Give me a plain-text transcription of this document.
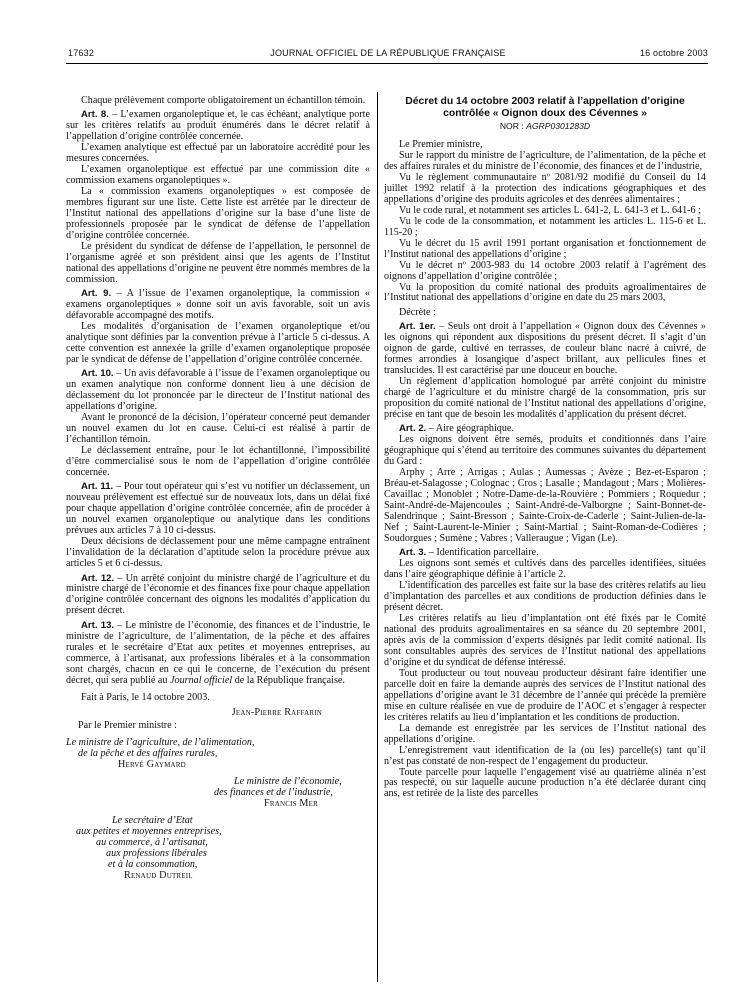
17632	JOURNAL OFFICIEL DE LA RÉPUBLIQUE FRANÇAISE	16 octobre 2003

Chaque prélèvement comporte obligatoirement un échantillon témoin.

Art. 8. – L’examen organoleptique et, le cas échéant, analytique porte sur les critères relatifs au produit énumérés dans le décret relatif à l’appellation d’origine contrôlée concernée.

L’examen analytique est effectué par un laboratoire accrédité pour les mesures concernées.

L’examen organoleptique est effectué par une commission dite « commission examens organoleptiques ».

La « commission examens organoleptiques » est composée de membres figurant sur une liste. Cette liste est arrêtée par le directeur de l’Institut national des appellations d’origine sur la base d’une liste de professionnels proposée par le syndicat de défense de l’appellation d’origine contrôlée concernée.

Le président du syndicat de défense de l’appellation, le personnel de l’organisme agréé et son président ainsi que les agents de l’Institut national des appellations d’origine ne peuvent être nommés membres de la commission.

Art. 9. – A l’issue de l’examen organoleptique, la commission « examens organoleptiques » donne soit un avis favorable, soit un avis défavorable accompagné des motifs.

Les modalités d’organisation de l’examen organoleptique et/ou analytique sont définies par la convention prévue à l’article 5 ci-dessus. A cette convention est annexée la grille d’examen organoleptique proposée par le syndicat de défense de l’appellation d’origine contrôlée concernée.

Art. 10. – Un avis défavorable à l’issue de l’examen organoleptique ou un examen analytique non conforme donnent lieu à une décision de déclassement du lot prononcée par le directeur de l’Institut national des appellations d’origine.

Avant le prononcé de la décision, l’opérateur concerné peut demander un nouvel examen du lot en cause. Celui-ci est réalisé à partir de l’échantillon témoin.

Le déclassement entraîne, pour le lot échantillonné, l’impossibilité d’être commercialisé sous le nom de l’appellation d’origine contrôlée concernée.

Art. 11. – Pour tout opérateur qui s’est vu notifier un déclassement, un nouveau prélèvement est effectué sur de nouveaux lots, dans un délai fixé pour chaque appellation d’origine contrôlée concernée, afin de procéder à un nouvel examen organoleptique ou analytique dans les conditions prévues aux articles 7 à 10 ci-dessus.

Deux décisions de déclassement pour une même campagne entraînent l’invalidation de la déclaration d’aptitude selon la procédure prévue aux articles 5 et 6 ci-dessus.

Art. 12. – Un arrêté conjoint du ministre chargé de l’agriculture et du ministre chargé de l’économie et des finances fixe pour chaque appellation d’origine contrôlée concernant des oignons les modalités d’application du présent décret.

Art. 13. – Le ministre de l’économie, des finances et de l’industrie, le ministre de l’agriculture, de l’alimentation, de la pêche et des affaires rurales et le secrétaire d’Etat aux petites et moyennes entreprises, au commerce, à l’artisanat, aux professions libérales et à la consommation sont chargés, chacun en ce qui le concerne, de l’exécution du présent décret, qui sera publié au Journal officiel de la République française.

Fait à Paris, le 14 octobre 2003.

Jean-Pierre Raffarin

Par le Premier ministre :

Le ministre de l’agriculture, de l’alimentation,

de la pêche et des affaires rurales,

Hervé Gaymard

Le ministre de l’économie,

des finances et de l’industrie,

Francis Mer

Le secrétaire d’Etat

aux petites et moyennes entreprises,

au commerce, à l’artisanat,

aux professions libérales

et à la consommation,

Renaud Dutreil

Décret du 14 octobre 2003 relatif à l’appellation d’origine contrôlée « Oignon doux des Cévennes »
NOR : AGRP0301283D

Le Premier ministre,

Sur le rapport du ministre de l’agriculture, de l’alimentation, de la pêche et des affaires rurales et du ministre de l’économie, des finances et de l’industrie,

Vu le règlement communautaire nº 2081/92 modifié du Conseil du 14 juillet 1992 relatif à la protection des indications géographiques et des appellations d’origine des produits agricoles et des denrées alimentaires ;

Vu le code rural, et notamment ses articles L. 641-2, L. 641-3 et L. 641-6 ;

Vu le code de la consommation, et notamment les articles L. 115-6 et L. 115-20 ;

Vu le décret du 15 avril 1991 portant organisation et fonctionnement de l’Institut national des appellations d’origine ;

Vu le décret nº 2003-983 du 14 octobre 2003 relatif à l’agrément des oignons d’appellation d’origine contrôlée ;

Vu la proposition du comité national des produits agroalimentaires de l’Institut national des appellations d’origine en date du 25 mars 2003,

Décrète :

Art. 1er. – Seuls ont droit à l’appellation « Oignon doux des Cévennes » les oignons qui répondent aux dispositions du présent décret. Il s’agit d’un oignon de garde, cultivé en terrasses, de couleur blanc nacré à cuivré, de formes arrondies à losangique d’aspect brillant, aux pellicules fines et translucides. Il est caractérisé par une douceur en bouche.

Un règlement d’application homologué par arrêté conjoint du ministre chargé de l’agriculture et du ministre chargé de la consommation, pris sur proposition du comité national de l’Institut national des appellations d’origine, précise en tant que de besoin les modalités d’application du présent décret.

Art. 2. – Aire géographique.

Les oignons doivent être semés, produits et conditionnés dans l’aire géographique qui s’étend au territoire des communes suivantes du département du Gard :

Arphy ; Arre ; Arrigas ; Aulas ; Aumessas ; Avèze ; Bez-et-Esparon ; Bréau-et-Salagosse ; Colognac ; Cros ; Lasalle ; Mandagout ; Mars ; Molières-Cavaillac ; Monoblet ; Notre-Dame-de-la-Rouvière ; Pommiers ; Roquedur ; Saint-André-de-Majencoules ; Saint-André-de-Valborgne ; Saint-Bonnet-de-Salendrinque ; Saint-Bresson ; Sainte-Croix-de-Caderle ; Saint-Julien-de-la-Nef ; Saint-Laurent-le-Minier ; Saint-Martial ; Saint-Roman-de-Codières ; Soudorgues ; Sumène ; Vabres ; Valleraugue ; Vigan (Le).

Art. 3. – Identification parcellaire.

Les oignons sont semés et cultivés dans des parcelles identifiées, situées dans l’aire géographique définie à l’article 2.

L’identification des parcelles est faite sur la base des critères relatifs au lieu d’implantation des parcelles et aux conditions de production définies dans le présent décret.

Les critères relatifs au lieu d’implantation ont été fixés par le Comité national des produits agroalimentaires en sa séance du 20 septembre 2001, après avis de la commission d’experts désignés par ledit comité national. Ils sont consultables auprès des services de l’Institut national des appellations d’origine et du syndicat de défense intéressé.

Tout producteur ou tout nouveau producteur désirant faire identifier une parcelle doit en faire la demande auprès des services de l’Institut national des appellations d’origine avant le 31 décembre de l’année qui précède la première mise en culture réalisée en vue de produire de l’AOC et s’engager à respecter les critères relatifs au lieu d’implantation et les conditions de production.

La demande est enregistrée par les services de l’Institut national des appellations d’origine.

L’enregistrement vaut identification de la (ou les) parcelle(s) tant qu’il n’est pas constaté de non-respect de l’engagement du producteur.

Toute parcelle pour laquelle l’engagement visé au quatrième alinéa n’est pas respecté, ou sur laquelle aucune production n’a été déclarée durant cinq ans, est retirée de la liste des parcelles
